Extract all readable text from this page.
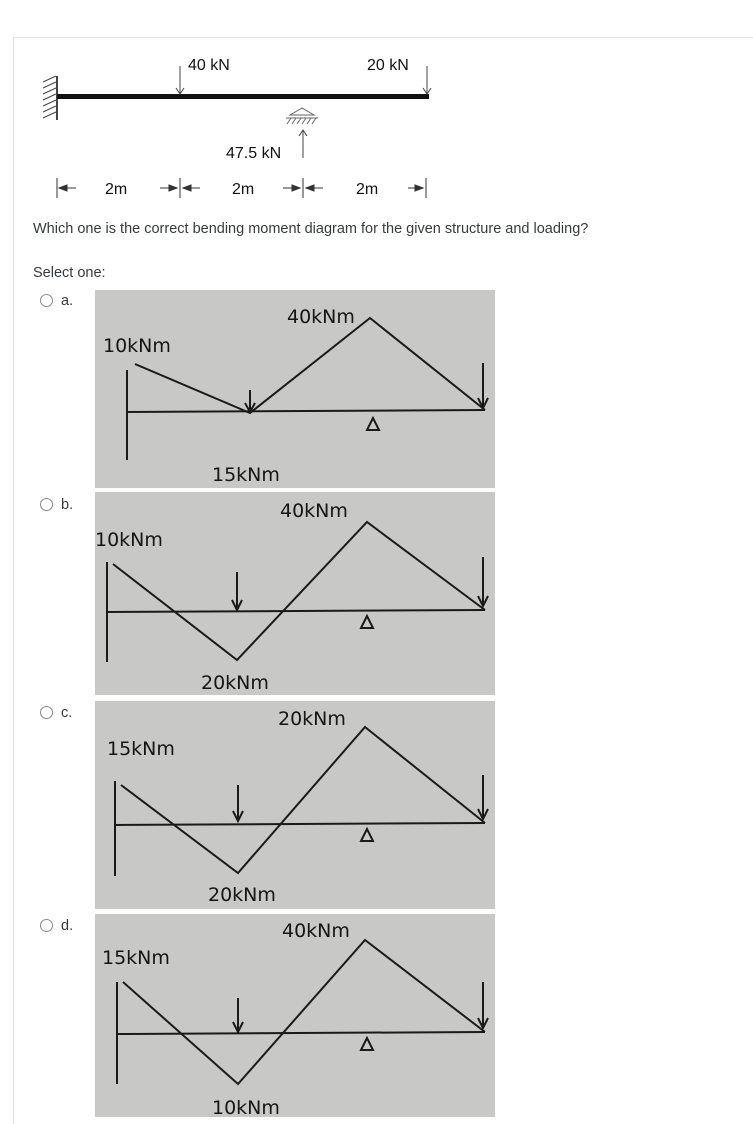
40 kN	20 kN
47.5 kN
2m	2m	2m
Which one is the correct bending moment diagram for the given structure and loading?
Select one:
a.
10kNm
40kNm
15kNm
b.
10kNm
40kNm
20kNm
c.
15kNm
20kNm
20kNm
d.
15kNm
40kNm
10kNm
